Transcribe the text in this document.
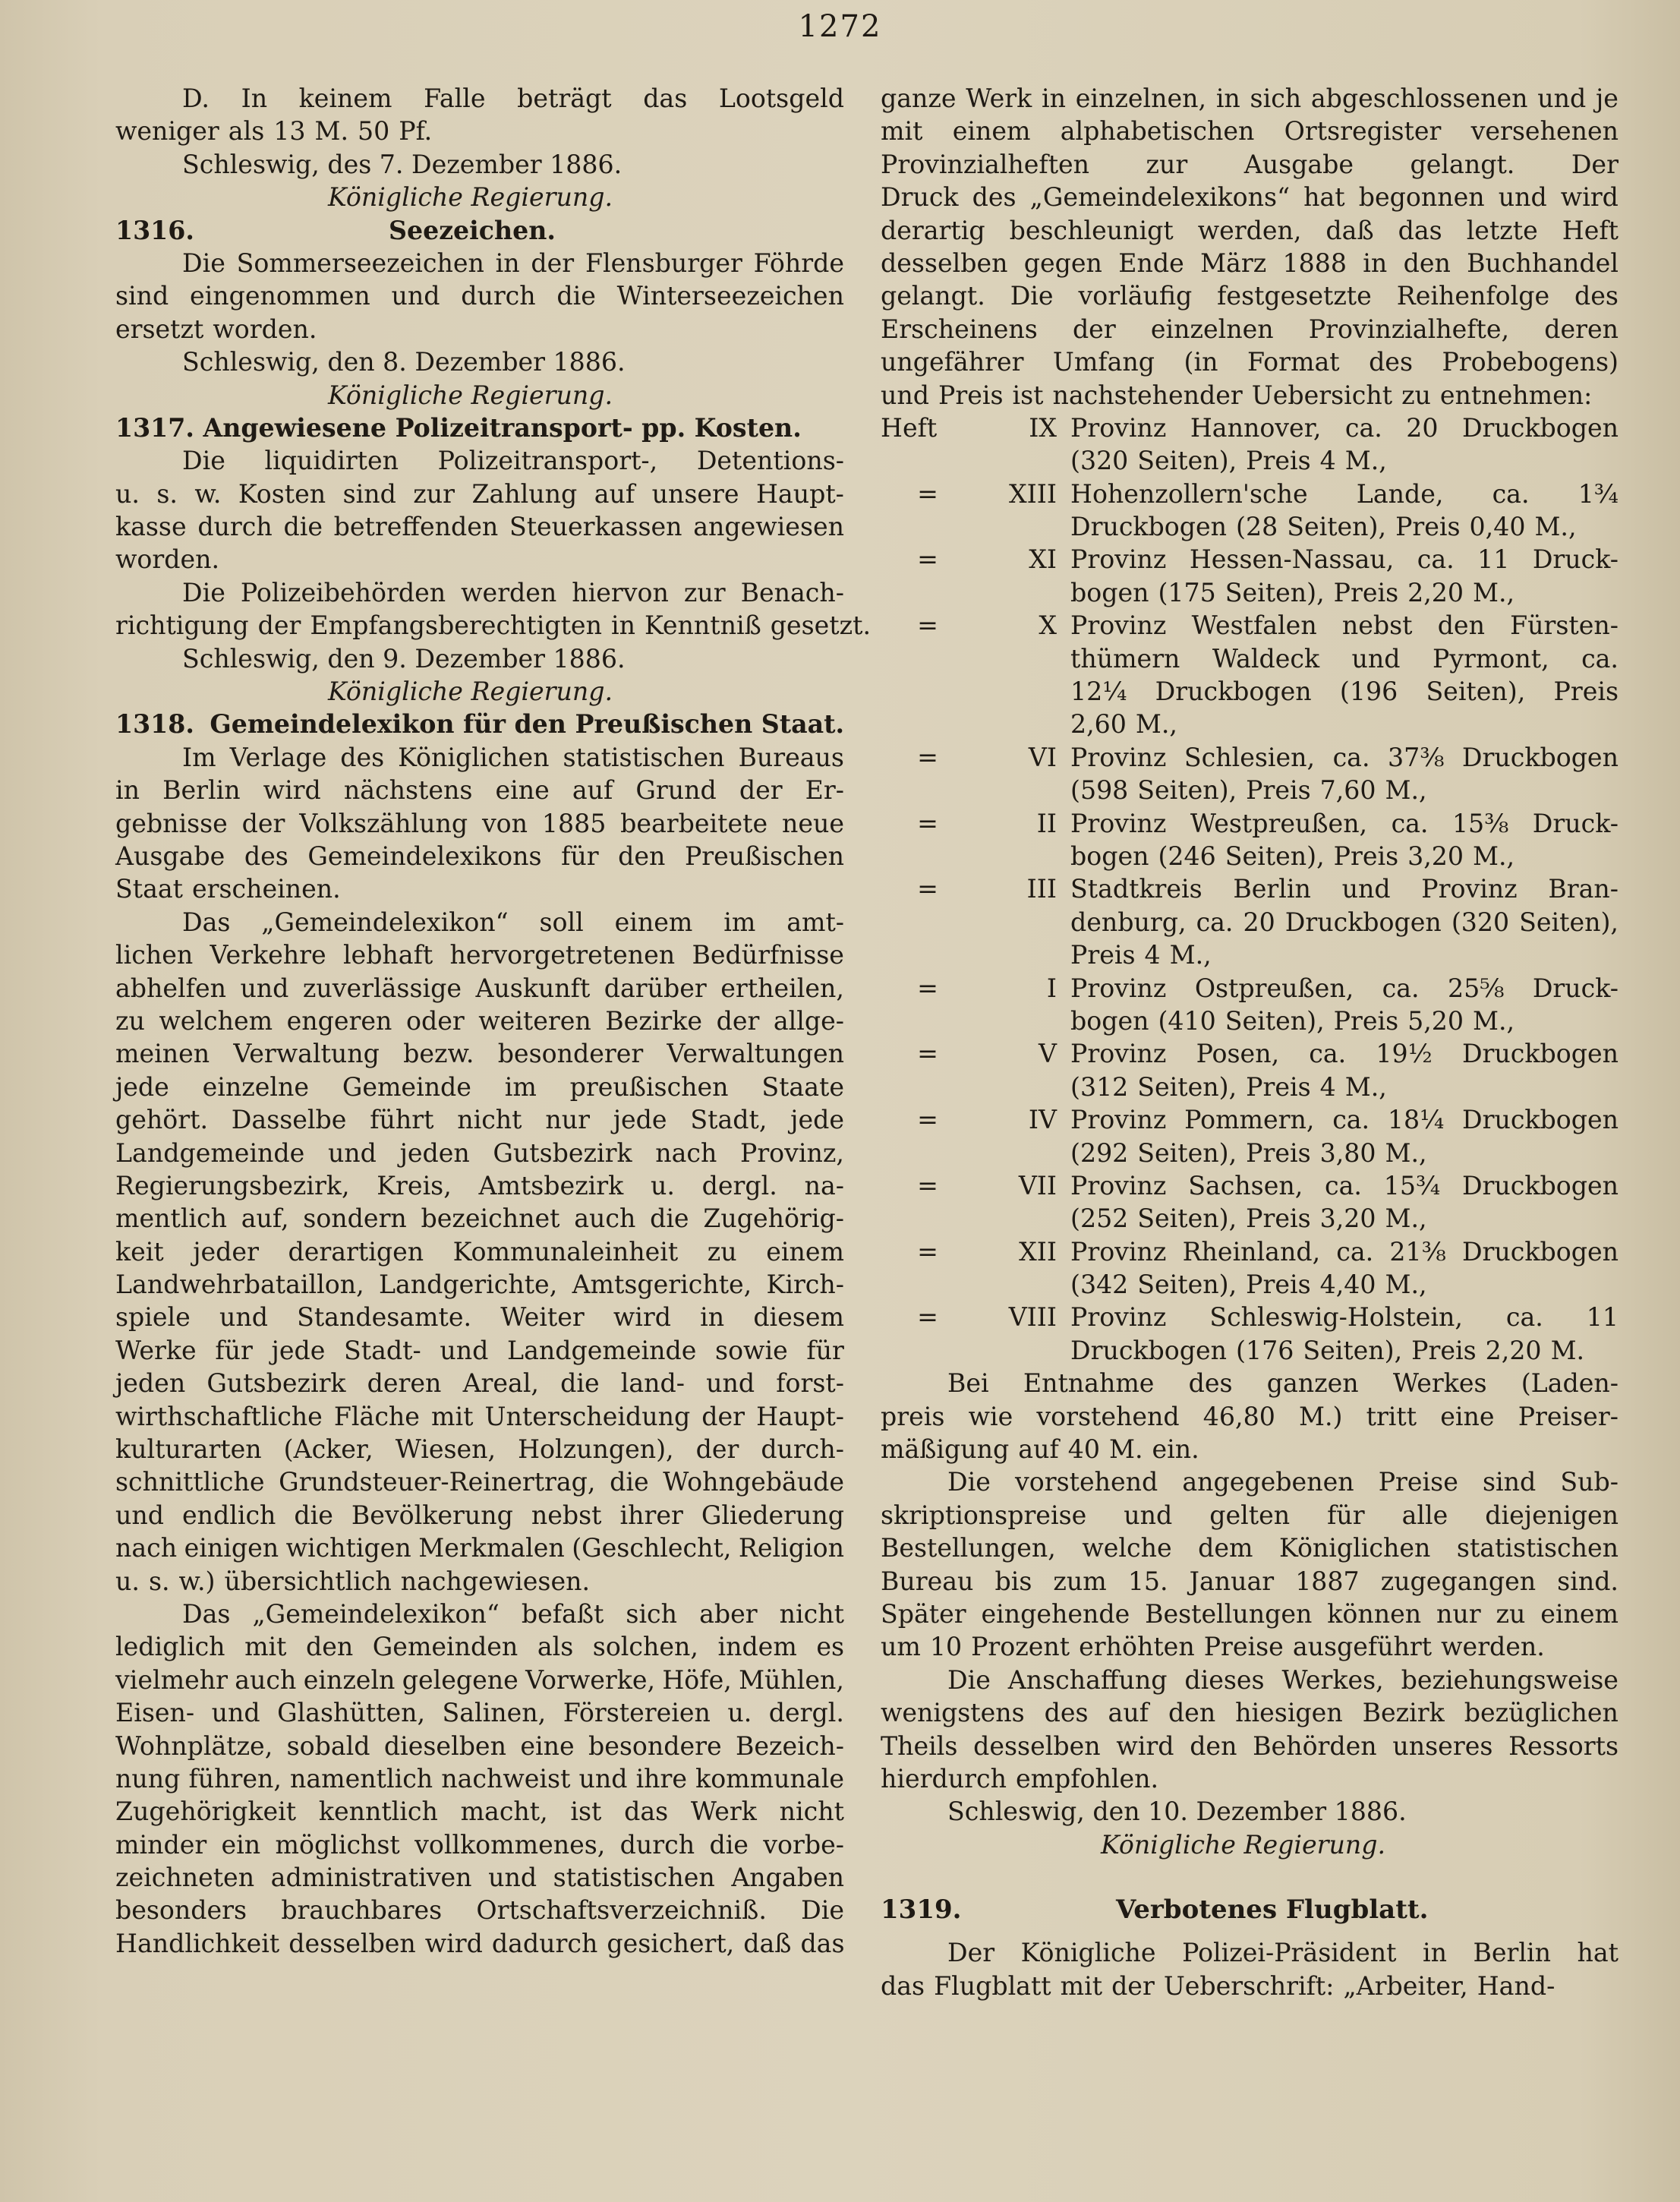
1272
D. In keinem Falle beträgt das Lootsgeld
weniger als 13 M. 50 Pf.
Schleswig, des 7. Dezember 1886.
Königliche Regierung.
1316.	Seezeichen.
Die Sommerseezeichen in der Flensburger Föhrde
sind eingenommen und durch die Winterseezeichen
ersetzt worden.
Schleswig, den 8. Dezember 1886.
Königliche Regierung.
1317. Angewiesene Polizeitransport- pp. Kosten.
Die liquidirten Polizeitransport-, Detentions-
u. s. w. Kosten sind zur Zahlung auf unsere Haupt-
kasse durch die betreffenden Steuerkassen angewiesen
worden.
Die Polizeibehörden werden hiervon zur Benach-
richtigung der Empfangsberechtigten in Kenntniß gesetzt.
Schleswig, den 9. Dezember 1886.
Königliche Regierung.
1318. Gemeindelexikon für den Preußischen Staat.
Im Verlage des Königlichen statistischen Bureaus
in Berlin wird nächstens eine auf Grund der Er-
gebnisse der Volkszählung von 1885 bearbeitete neue
Ausgabe des Gemeindelexikons für den Preußischen
Staat erscheinen.
Das „Gemeindelexikon“ soll einem im amt-
lichen Verkehre lebhaft hervorgetretenen Bedürfnisse
abhelfen und zuverlässige Auskunft darüber ertheilen,
zu welchem engeren oder weiteren Bezirke der allge-
meinen Verwaltung bezw. besonderer Verwaltungen
jede einzelne Gemeinde im preußischen Staate
gehört. Dasselbe führt nicht nur jede Stadt, jede
Landgemeinde und jeden Gutsbezirk nach Provinz,
Regierungsbezirk, Kreis, Amtsbezirk u. dergl. na-
mentlich auf, sondern bezeichnet auch die Zugehörig-
keit jeder derartigen Kommunaleinheit zu einem
Landwehrbataillon, Landgerichte, Amtsgerichte, Kirch-
spiele und Standesamte. Weiter wird in diesem
Werke für jede Stadt- und Landgemeinde sowie für
jeden Gutsbezirk deren Areal, die land- und forst-
wirthschaftliche Fläche mit Unterscheidung der Haupt-
kulturarten (Acker, Wiesen, Holzungen), der durch-
schnittliche Grundsteuer-Reinertrag, die Wohngebäude
und endlich die Bevölkerung nebst ihrer Gliederung
nach einigen wichtigen Merkmalen (Geschlecht, Religion
u. s. w.) übersichtlich nachgewiesen.
Das „Gemeindelexikon“ befaßt sich aber nicht
lediglich mit den Gemeinden als solchen, indem es
vielmehr auch einzeln gelegene Vorwerke, Höfe, Mühlen,
Eisen- und Glashütten, Salinen, Förstereien u. dergl.
Wohnplätze, sobald dieselben eine besondere Bezeich-
nung führen, namentlich nachweist und ihre kommunale
Zugehörigkeit kenntlich macht, ist das Werk nicht
minder ein möglichst vollkommenes, durch die vorbe-
zeichneten administrativen und statistischen Angaben
besonders brauchbares Ortschaftsverzeichniß. Die
Handlichkeit desselben wird dadurch gesichert, daß das
ganze Werk in einzelnen, in sich abgeschlossenen und je
mit einem alphabetischen Ortsregister versehenen
Provinzialheften zur Ausgabe gelangt. Der
Druck des „Gemeindelexikons“ hat begonnen und wird
derartig beschleunigt werden, daß das letzte Heft
desselben gegen Ende März 1888 in den Buchhandel
gelangt. Die vorläufig festgesetzte Reihenfolge des
Erscheinens der einzelnen Provinzialhefte, deren
ungefährer Umfang (in Format des Probebogens)
und Preis ist nachstehender Uebersicht zu entnehmen:
Heft	IX Provinz Hannover, ca. 20 Druckbogen
(320 Seiten), Preis 4 M.,
=	XIII Hohenzollern'sche Lande, ca. 1¾
Druckbogen (28 Seiten), Preis 0,40 M.,
=	XI Provinz Hessen-Nassau, ca. 11 Druck-
bogen (175 Seiten), Preis 2,20 M.,
=	X Provinz Westfalen nebst den Fürsten-
thümern Waldeck und Pyrmont, ca.
12¼ Druckbogen (196 Seiten), Preis
2,60 M.,
=	VI Provinz Schlesien, ca. 37⅜ Druckbogen
(598 Seiten), Preis 7,60 M.,
=	II Provinz Westpreußen, ca. 15⅜ Druck-
bogen (246 Seiten), Preis 3,20 M.,
=	III Stadtkreis Berlin und Provinz Bran-
denburg, ca. 20 Druckbogen (320 Seiten),
Preis 4 M.,
=	I Provinz Ostpreußen, ca. 25⅝ Druck-
bogen (410 Seiten), Preis 5,20 M.,
=	V Provinz Posen, ca. 19½ Druckbogen
(312 Seiten), Preis 4 M.,
=	IV Provinz Pommern, ca. 18¼ Druckbogen
(292 Seiten), Preis 3,80 M.,
=	VII Provinz Sachsen, ca. 15¾ Druckbogen
(252 Seiten), Preis 3,20 M.,
=	XII Provinz Rheinland, ca. 21⅜ Druckbogen
(342 Seiten), Preis 4,40 M.,
=	VIII Provinz Schleswig-Holstein, ca. 11
Druckbogen (176 Seiten), Preis 2,20 M.
Bei Entnahme des ganzen Werkes (Laden-
preis wie vorstehend 46,80 M.) tritt eine Preiser-
mäßigung auf 40 M. ein.
Die vorstehend angegebenen Preise sind Sub-
skriptionspreise und gelten für alle diejenigen
Bestellungen, welche dem Königlichen statistischen
Bureau bis zum 15. Januar 1887 zugegangen sind.
Später eingehende Bestellungen können nur zu einem
um 10 Prozent erhöhten Preise ausgeführt werden.
Die Anschaffung dieses Werkes, beziehungsweise
wenigstens des auf den hiesigen Bezirk bezüglichen
Theils desselben wird den Behörden unseres Ressorts
hierdurch empfohlen.
Schleswig, den 10. Dezember 1886.
Königliche Regierung.
1319.	Verbotenes Flugblatt.
Der Königliche Polizei-Präsident in Berlin hat
das Flugblatt mit der Ueberschrift: „Arbeiter, Hand-
